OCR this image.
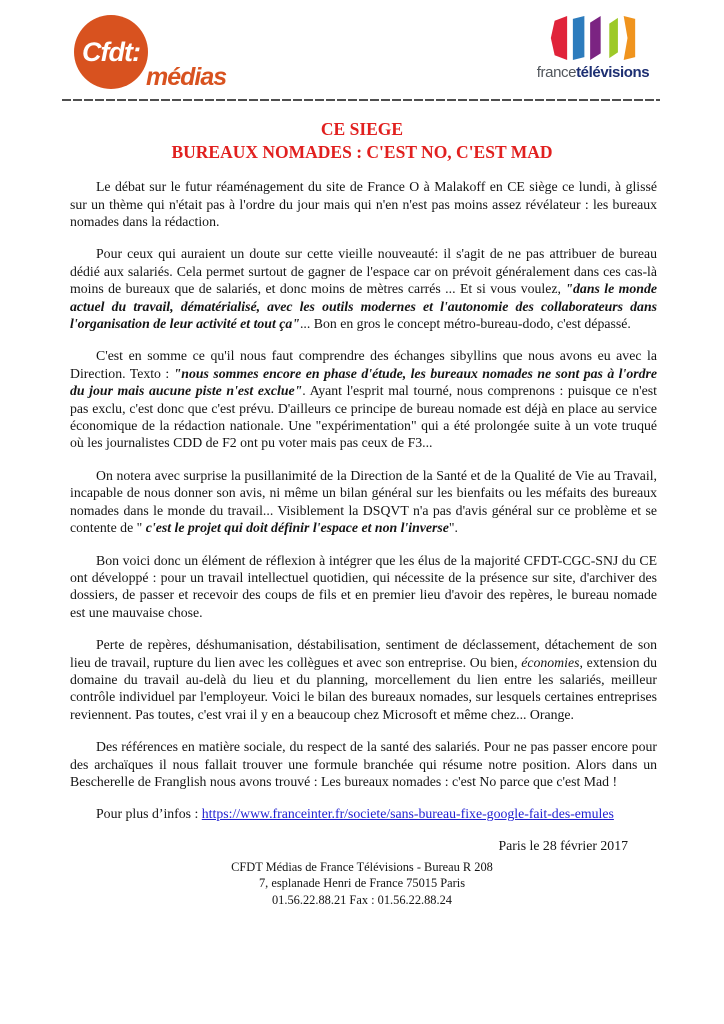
Cfdt:
médias	francetélévisions
CE SIEGE
BUREAUX NOMADES : C'EST NO, C'EST MAD

Le débat sur le futur réaménagement du site de France O à Malakoff en CE siège ce lundi, à glissé sur un thème qui n'était pas à l'ordre du jour mais qui n'en n'est pas moins assez révélateur : les bureaux nomades dans la rédaction.

Pour ceux qui auraient un doute sur cette vieille nouveauté: il s'agit de ne pas attribuer de bureau dédié aux salariés. Cela permet surtout de gagner de l'espace car on prévoit généralement dans ces cas-là moins de bureaux que de salariés, et donc moins de mètres carrés ... Et si vous voulez, "dans le monde actuel du travail, dématérialisé, avec les outils modernes et l'autonomie des collaborateurs dans l'organisation de leur activité et tout ça"... Bon en gros le concept métro-bureau-dodo, c'est dépassé.

C'est en somme ce qu'il nous faut comprendre des échanges sibyllins que nous avons eu avec la Direction. Texto : "nous sommes encore en phase d'étude, les bureaux nomades ne sont pas à l'ordre du jour mais aucune piste n'est exclue". Ayant l'esprit mal tourné, nous comprenons : puisque ce n'est pas exclu, c'est donc que c'est prévu. D'ailleurs ce principe de bureau nomade est déjà en place au service économique de la rédaction nationale. Une "expérimentation" qui a été prolongée suite à un vote truqué où les journalistes CDD de F2 ont pu voter mais pas ceux de F3...

On notera avec surprise la pusillanimité de la Direction de la Santé et de la Qualité de Vie au Travail, incapable de nous donner son avis, ni même un bilan général sur les bienfaits ou les méfaits des bureaux nomades dans le monde du travail... Visiblement la DSQVT n'a pas d'avis général sur ce problème et se contente de " c'est le projet qui doit définir l'espace et non l'inverse".

Bon voici donc un élément de réflexion à intégrer que les élus de la majorité CFDT-CGC-SNJ du CE ont développé : pour un travail intellectuel quotidien, qui nécessite de la présence sur site, d'archiver des dossiers, de passer et recevoir des coups de fils et en premier lieu d'avoir des repères, le bureau nomade est une mauvaise chose.

Perte de repères, déshumanisation, déstabilisation, sentiment de déclassement, détachement de son lieu de travail, rupture du lien avec les collègues et avec son entreprise. Ou bien, économies, extension du domaine du travail au-delà du lieu et du planning, morcellement du lien entre les salariés, meilleur contrôle individuel par l'employeur. Voici le bilan des bureaux nomades, sur lesquels certaines entreprises reviennent. Pas toutes, c'est vrai il y en a beaucoup chez Microsoft et même chez... Orange.

Des références en matière sociale, du respect de la santé des salariés. Pour ne pas passer encore pour des archaïques il nous fallait trouver une formule branchée qui résume notre position. Alors dans un Bescherelle de Franglish nous avons trouvé : Les bureaux nomades : c'est No parce que c'est Mad !

Pour plus d’infos : https://www.franceinter.fr/societe/sans-bureau-fixe-google-fait-des-emules

Paris le 28 février 2017
CFDT Médias de France Télévisions - Bureau R 208
7, esplanade Henri de France 75015 Paris
01.56.22.88.21 Fax : 01.56.22.88.24
